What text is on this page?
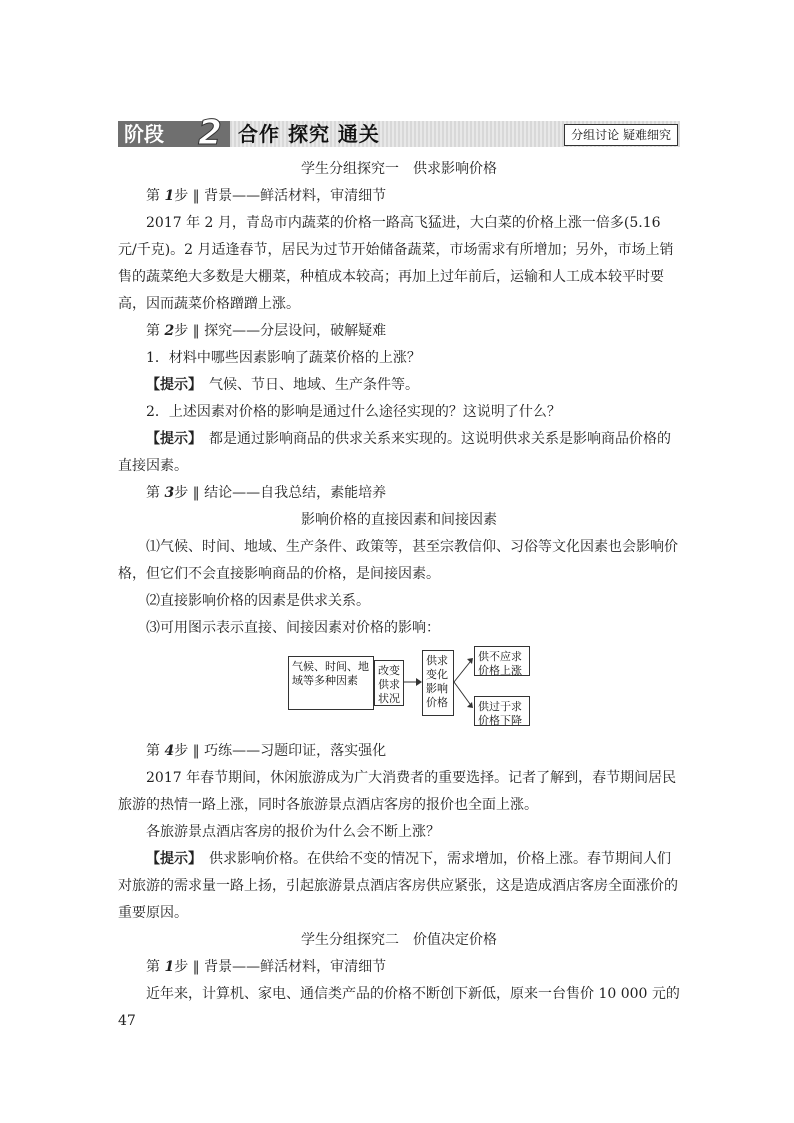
阶段	2 合作 探究 通关	分组讨论 疑难细究

学生分组探究一　供求影响价格

第 1步 ‖ 背景——鲜活材料，审清细节

2017 年 2 月，青岛市内蔬菜的价格一路高飞猛进，大白菜的价格上涨一倍多(5.16 元/千克)。2 月适逢春节，居民为过节开始储备蔬菜，市场需求有所增加；另外，市场上销售的蔬菜绝大多数是大棚菜，种植成本较高；再加上过年前后，运输和人工成本较平时要高，因而蔬菜价格蹭蹭上涨。

第 2步 ‖ 探究——分层设问，破解疑难

1．材料中哪些因素影响了蔬菜价格的上涨？

【提示】　气候、节日、地域、生产条件等。

2．上述因素对价格的影响是通过什么途径实现的？这说明了什么？

【提示】　都是通过影响商品的供求关系来实现的。这说明供求关系是影响商品价格的直接因素。

第 3步 ‖ 结论——自我总结，素能培养

影响价格的直接因素和间接因素

⑴气候、时间、地域、生产条件、政策等，甚至宗教信仰、习俗等文化因素也会影响价格，但它们不会直接影响商品的价格，是间接因素。

⑵直接影响价格的因素是供求关系。

⑶可用图示表示直接、间接因素对价格的影响：

气候、时间、地域等多种因素
改变供求状况
供求变化影响价格
供不应求价格上涨
供过于求价格下降

第 4步 ‖ 巧练——习题印证，落实强化

2017 年春节期间，休闲旅游成为广大消费者的重要选择。记者了解到，春节期间居民旅游的热情一路上涨，同时各旅游景点酒店客房的报价也全面上涨。

各旅游景点酒店客房的报价为什么会不断上涨？

【提示】　供求影响价格。在供给不变的情况下，需求增加，价格上涨。春节期间人们对旅游的需求量一路上扬，引起旅游景点酒店客房供应紧张，这是造成酒店客房全面涨价的重要原因。

学生分组探究二　价值决定价格

第 1步 ‖ 背景——鲜活材料，审清细节

近年来，计算机、家电、通信类产品的价格不断创下新低，原来一台售价 10 000 元的 47
